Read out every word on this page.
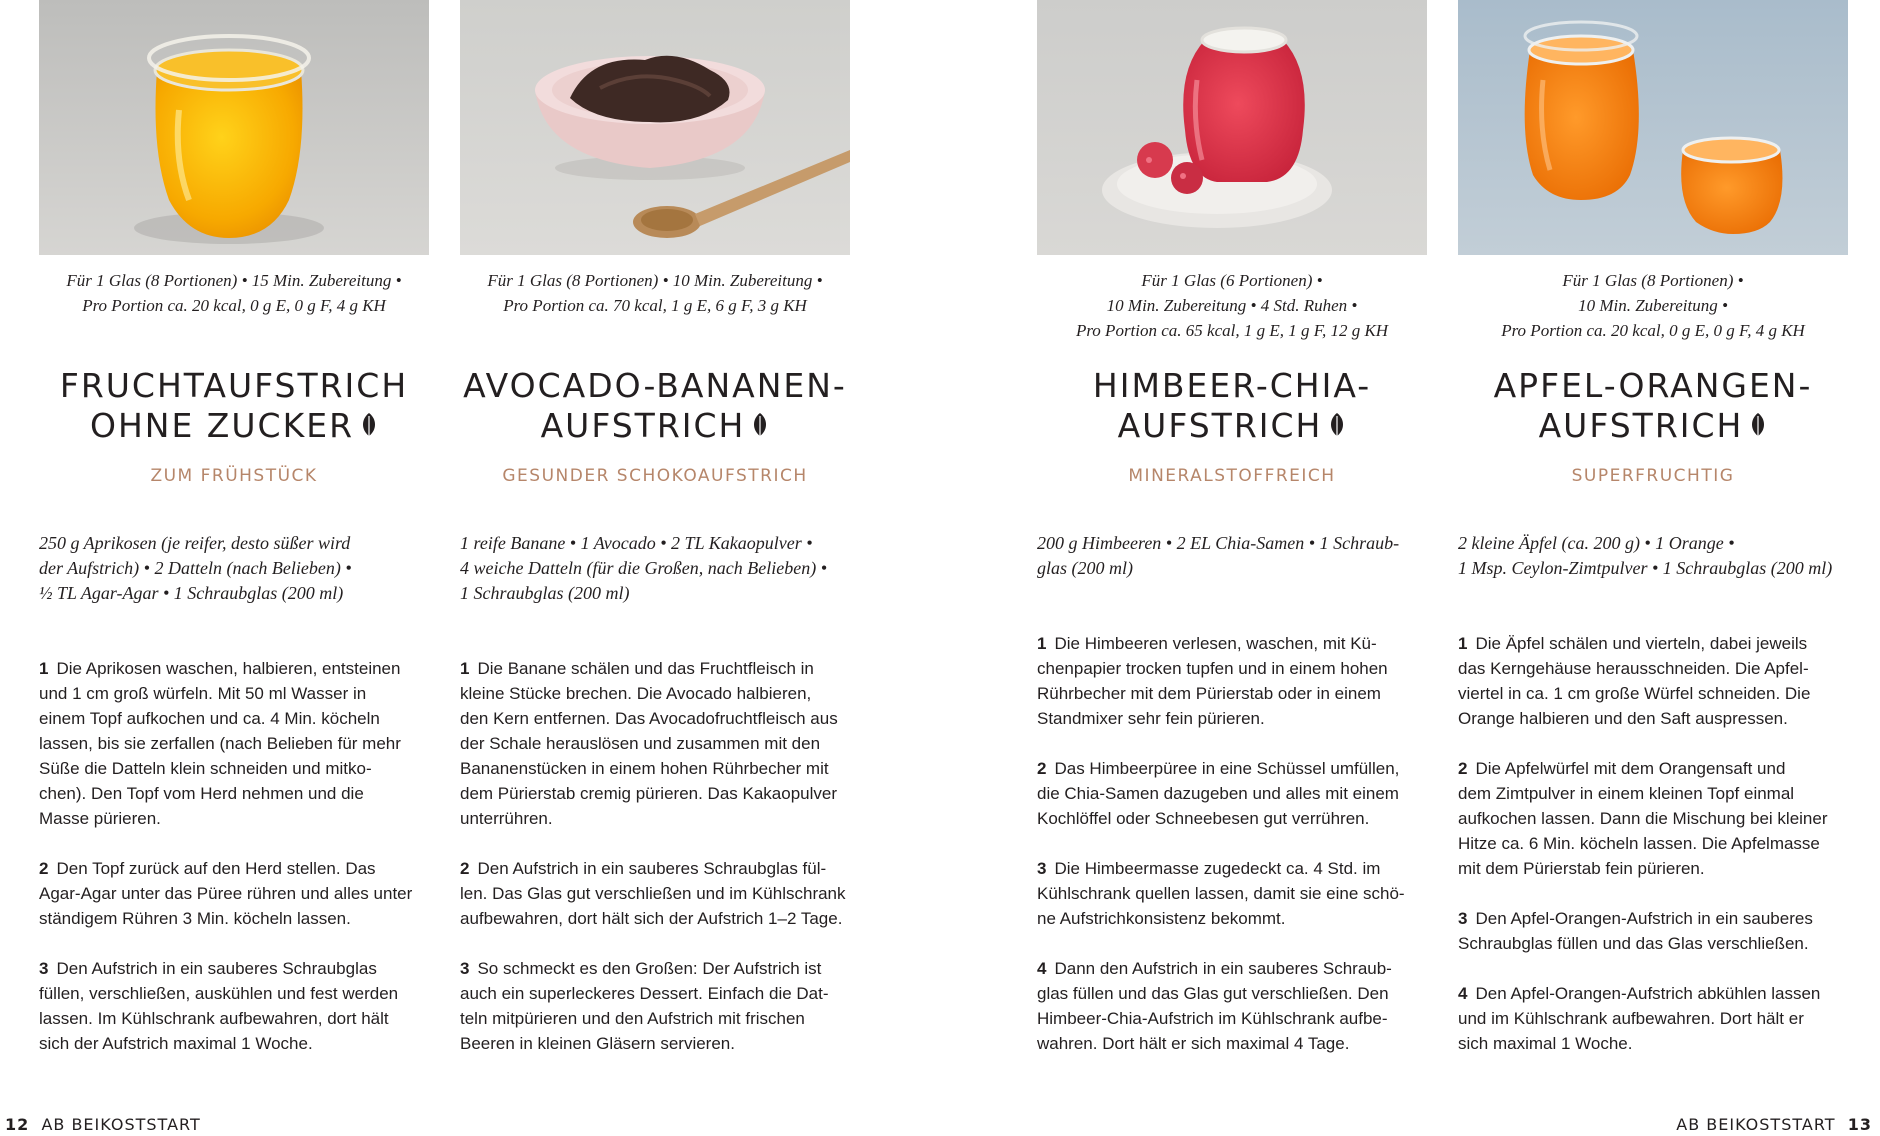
Für 1 Glas (8 Portionen) • 15 Min. Zubereitung •
Pro Portion ca. 20 kcal, 0 g E, 0 g F, 4 g KH
FRUCHTAUFSTRICH
OHNE ZUCKER
ZUM FRÜHSTÜCK
250 g Aprikosen (je reifer, desto süßer wird
der Aufstrich) • 2 Datteln (nach Belieben) •
½ TL Agar-Agar • 1 Schraubglas (200 ml)
1 Die Aprikosen waschen, halbieren, entsteinen
und 1 cm groß würfeln. Mit 50 ml Wasser in
einem Topf aufkochen und ca. 4 Min. köcheln
lassen, bis sie zerfallen (nach Belieben für mehr
Süße die Datteln klein schneiden und mitko-
chen). Den Topf vom Herd nehmen und die
Masse pürieren.
2 Den Topf zurück auf den Herd stellen. Das
Agar-Agar unter das Püree rühren und alles unter
ständigem Rühren 3 Min. köcheln lassen.
3 Den Aufstrich in ein sauberes Schraubglas
füllen, verschließen, auskühlen und fest werden
lassen. Im Kühlschrank aufbewahren, dort hält
sich der Aufstrich maximal 1 Woche.
Für 1 Glas (8 Portionen) • 10 Min. Zubereitung •
Pro Portion ca. 70 kcal, 1 g E, 6 g F, 3 g KH
AVOCADO-BANANEN-
AUFSTRICH
GESUNDER SCHOKOAUFSTRICH
1 reife Banane • 1 Avocado • 2 TL Kakaopulver •
4 weiche Datteln (für die Großen, nach Belieben) •
1 Schraubglas (200 ml)
1 Die Banane schälen und das Fruchtfleisch in
kleine Stücke brechen. Die Avocado halbieren,
den Kern entfernen. Das Avocadofruchtfleisch aus
der Schale herauslösen und zusammen mit den
Bananenstücken in einem hohen Rührbecher mit
dem Pürierstab cremig pürieren. Das Kakaopulver
unterrühren.
2 Den Aufstrich in ein sauberes Schraubglas fül-
len. Das Glas gut verschließen und im Kühlschrank
aufbewahren, dort hält sich der Aufstrich 1–2 Tage.
3 So schmeckt es den Großen: Der Aufstrich ist
auch ein superleckeres Dessert. Einfach die Dat-
teln mitpürieren und den Aufstrich mit frischen
Beeren in kleinen Gläsern servieren.
Für 1 Glas (6 Portionen) •
10 Min. Zubereitung • 4 Std. Ruhen •
Pro Portion ca. 65 kcal, 1 g E, 1 g F, 12 g KH
HIMBEER-CHIA-
AUFSTRICH
MINERALSTOFFREICH
200 g Himbeeren • 2 EL Chia-Samen • 1 Schraub-
glas (200 ml)
1 Die Himbeeren verlesen, waschen, mit Kü-
chenpapier trocken tupfen und in einem hohen
Rührbecher mit dem Pürierstab oder in einem
Standmixer sehr fein pürieren.
2 Das Himbeerpüree in eine Schüssel umfüllen,
die Chia-Samen dazugeben und alles mit einem
Kochlöffel oder Schneebesen gut verrühren.
3 Die Himbeermasse zugedeckt ca. 4 Std. im
Kühlschrank quellen lassen, damit sie eine schö-
ne Aufstrichkonsistenz bekommt.
4 Dann den Aufstrich in ein sauberes Schraub-
glas füllen und das Glas gut verschließen. Den
Himbeer-Chia-Aufstrich im Kühlschrank aufbe-
wahren. Dort hält er sich maximal 4 Tage.
Für 1 Glas (8 Portionen) •
10 Min. Zubereitung •
Pro Portion ca. 20 kcal, 0 g E, 0 g F, 4 g KH
APFEL-ORANGEN-
AUFSTRICH
SUPERFRUCHTIG
2 kleine Äpfel (ca. 200 g) • 1 Orange •
1 Msp. Ceylon-Zimtpulver • 1 Schraubglas (200 ml)
1 Die Äpfel schälen und vierteln, dabei jeweils
das Kerngehäuse herausschneiden. Die Apfel-
viertel in ca. 1 cm große Würfel schneiden. Die
Orange halbieren und den Saft auspressen.
2 Die Apfelwürfel mit dem Orangensaft und
dem Zimtpulver in einem kleinen Topf einmal
aufkochen lassen. Dann die Mischung bei kleiner
Hitze ca. 6 Min. köcheln lassen. Die Apfelmasse
mit dem Pürierstab fein pürieren.
3 Den Apfel-Orangen-Aufstrich in ein sauberes
Schraubglas füllen und das Glas verschließen.
4 Den Apfel-Orangen-Aufstrich abkühlen lassen
und im Kühlschrank aufbewahren. Dort hält er
sich maximal 1 Woche.
12 AB BEIKOSTSTART	AB BEIKOSTSTART 13
